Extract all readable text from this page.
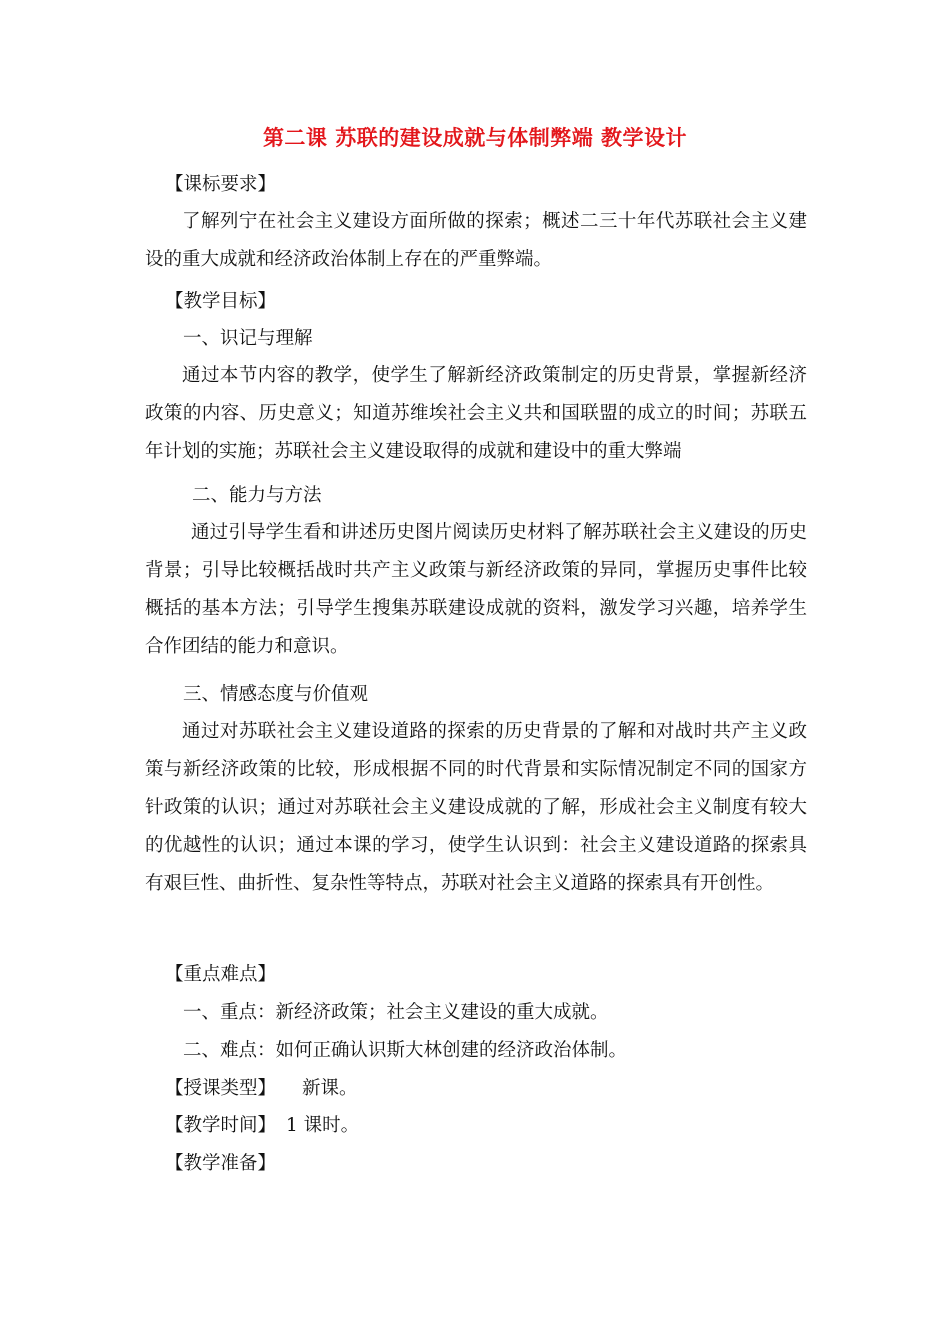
第二课 苏联的建设成就与体制弊端 教学设计
【课标要求】

了解列宁在社会主义建设方面所做的探索；概述二三十年代苏联社会主义建设的重大成就和经济政治体制上存在的严重弊端。

【教学目标】
一、识记与理解

通过本节内容的教学，使学生了解新经济政策制定的历史背景，掌握新经济政策的内容、历史意义；知道苏维埃社会主义共和国联盟的成立的时间；苏联五年计划的实施；苏联社会主义建设取得的成就和建设中的重大弊端

二、能力与方法

通过引导学生看和讲述历史图片阅读历史材料了解苏联社会主义建设的历史背景；引导比较概括战时共产主义政策与新经济政策的异同，掌握历史事件比较概括的基本方法；引导学生搜集苏联建设成就的资料，激发学习兴趣，培养学生合作团结的能力和意识。

三、情感态度与价值观

通过对苏联社会主义建设道路的探索的历史背景的了解和对战时共产主义政策与新经济政策的比较，形成根据不同的时代背景和实际情况制定不同的国家方针政策的认识；通过对苏联社会主义建设成就的了解，形成社会主义制度有较大的优越性的认识；通过本课的学习，使学生认识到：社会主义建设道路的探索具有艰巨性、曲折性、复杂性等特点，苏联对社会主义道路的探索具有开创性。

【重点难点】
一、重点：新经济政策；社会主义建设的重大成就。
二、难点：如何正确认识斯大林创建的经济政治体制。
【授课类型】 新课。
【教学时间】 1 课时。
【教学准备】
